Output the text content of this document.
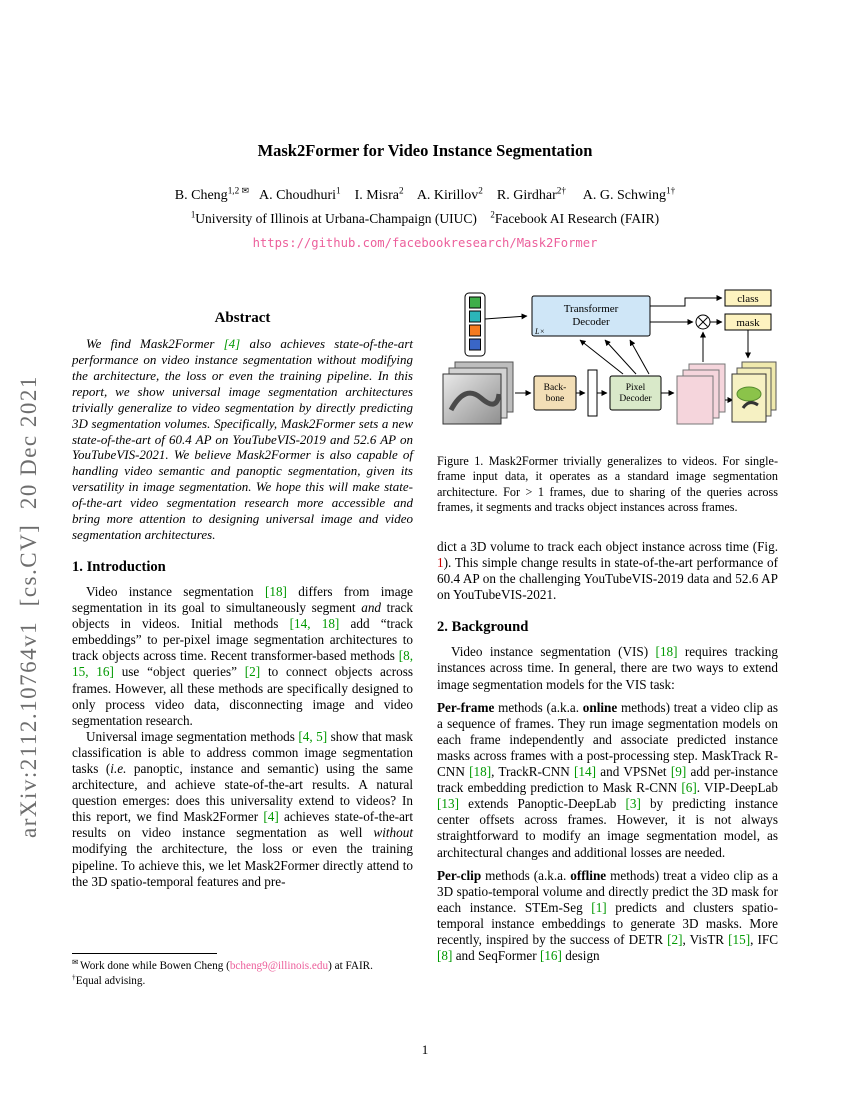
arXiv:2112.10764v1  [cs.CV]  20 Dec 2021
Mask2Former for Video Instance Segmentation
B. Cheng$^{1,2 ✉}$   A. Choudhuri$^1$    I. Misra$^2$    A. Kirillov$^2$    R. Girdhar$^{2\dagger}$     A. G. Schwing$^{1\dagger}$
$^1$University of Illinois at Urbana-Champaign (UIUC)    $^2$Facebook AI Research (FAIR)
https://github.com/facebookresearch/Mask2Former
Abstract

We find Mask2Former [4] also achieves state-of-the-art performance on video instance segmentation without modifying the architecture, the loss or even the training pipeline. In this report, we show universal image segmentation architectures trivially generalize to video segmentation by directly predicting 3D segmentation volumes. Specifically, Mask2Former sets a new state-of-the-art of 60.4 AP on YouTubeVIS-2019 and 52.6 AP on YouTubeVIS-2021. We believe Mask2Former is also capable of handling video semantic and panoptic segmentation, given its versatility in image segmentation. We hope this will make state-of-the-art video segmentation research more accessible and bring more attention to designing universal image and video segmentation architectures.

1. Introduction

Video instance segmentation [18] differs from image segmentation in its goal to simultaneously segment and track objects in videos. Initial methods [14, 18] add “track embeddings” to per-pixel image segmentation architectures to track objects across time. Recent transformer-based methods [8, 15, 16] use “object queries” [2] to connect objects across frames. However, all these methods are specifically designed to only process video data, disconnecting image and video segmentation research.

Universal image segmentation methods [4, 5] show that mask classification is able to address common image segmentation tasks (i.e. panoptic, instance and semantic) using the same architecture, and achieve state-of-the-art results. A natural question emerges: does this universality extend to videos? In this report, we find Mask2Former [4] achieves state-of-the-art results on video instance segmentation as well without modifying the architecture, the loss or even the training pipeline. To achieve this, we let Mask2Former directly attend to the 3D spatio-temporal features and pre-

✉ Work done while Bowen Cheng (bcheng9@illinois.edu) at FAIR.
†Equal advising.
Transformer
Decoder
L×
class
mask
Back-
bone
Pixel
Decoder
Figure 1. Mask2Former trivially generalizes to videos. For single-frame input data, it operates as a standard image segmentation architecture. For > 1 frames, due to sharing of the queries across frames, it segments and tracks object instances across frames.

dict a 3D volume to track each object instance across time (Fig. 1). This simple change results in state-of-the-art performance of 60.4 AP on the challenging YouTubeVIS-2019 data and 52.6 AP on YouTubeVIS-2021.

2. Background

Video instance segmentation (VIS) [18] requires tracking instances across time. In general, there are two ways to extend image segmentation models for the VIS task:

Per-frame methods (a.k.a. online methods) treat a video clip as a sequence of frames. They run image segmentation models on each frame independently and associate predicted instance masks across frames with a post-processing step. MaskTrack R-CNN [18], TrackR-CNN [14] and VPSNet [9] add per-instance track embedding prediction to Mask R-CNN [6]. VIP-DeepLab [13] extends Panoptic-DeepLab [3] by predicting instance center offsets across frames. However, it is not always straightforward to modify an image segmentation model, as architectural changes and additional losses are needed.

Per-clip methods (a.k.a. offline methods) treat a video clip as a 3D spatio-temporal volume and directly predict the 3D mask for each instance. STEm-Seg [1] predicts and clusters spatio-temporal instance embeddings to generate 3D masks. More recently, inspired by the success of DETR [2], VisTR [15], IFC [8] and SeqFormer [16] design

1
